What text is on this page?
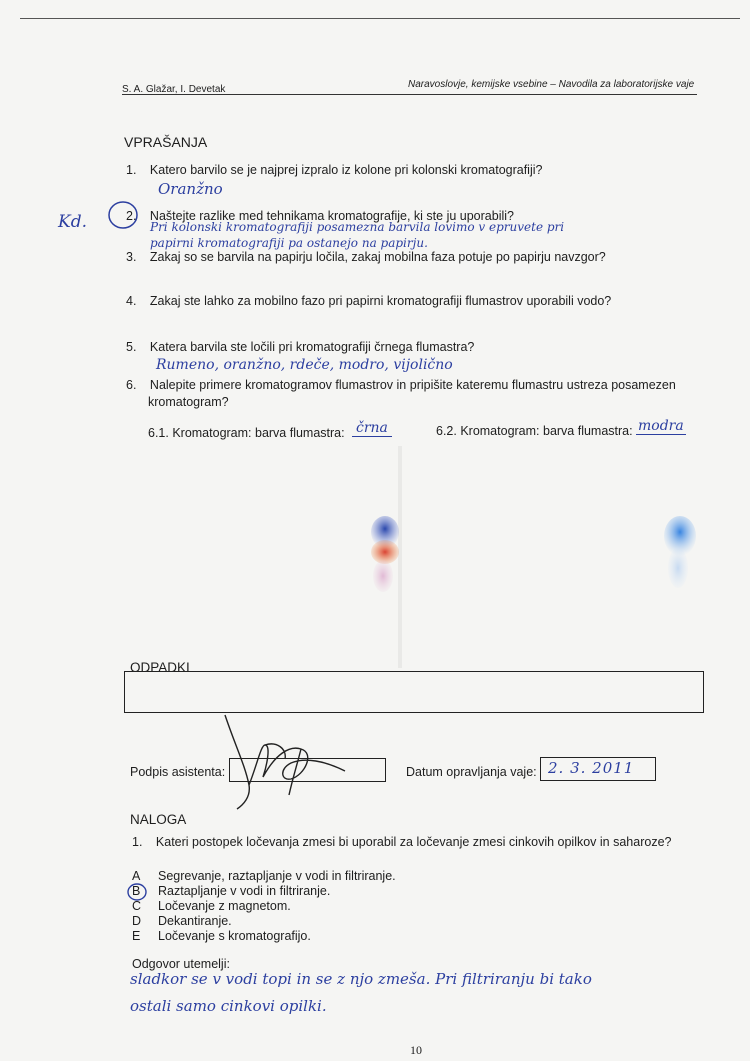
S. A. Glažar, I. Devetak	Naravoslovje, kemijske vsebine – Navodila za laboratorijske vaje
VPRAŠANJA
1. Katero barvilo se je najprej izpralo iz kolone pri kolonski kromatografiji?
Oranžno
Kd.	2. Naštejte razlike med tehnikama kromatografije, ki ste ju uporabili?
Pri kolonski kromatografiji posamezna barvila lovimo v epruvete pri
papirni kromatografiji pa ostanejo na papirju.
3. Zakaj so se barvila na papirju ločila, zakaj mobilna faza potuje po papirju navzgor?
4. Zakaj ste lahko za mobilno fazo pri papirni kromatografiji flumastrov uporabili vodo?
5. Katera barvila ste ločili pri kromatografiji črnega flumastra?
Rumeno, oranžno, rdeče, modro, vijolično
6. Nalepite primere kromatogramov flumastrov in pripišite kateremu flumastru ustreza posamezen
kromatogram?
6.1. Kromatogram: barva flumastra: črna	6.2. Kromatogram: barva flumastra: modra
ODPADKI
Podpis asistenta:	Datum opravljanja vaje: 2. 3. 2011
NALOGA
1. Kateri postopek ločevanja zmesi bi uporabil za ločevanje zmesi cinkovih opilkov in saharoze?
A	Segrevanje, raztapljanje v vodi in filtriranje.
B	Raztapljanje v vodi in filtriranje.
C	Ločevanje z magnetom.
D	Dekantiranje.
E	Ločevanje s kromatografijo.
Odgovor utemelji:
sladkor se v vodi topi in se z njo zmeša. Pri filtriranju bi tako
ostali samo cinkovi opilki.
10
